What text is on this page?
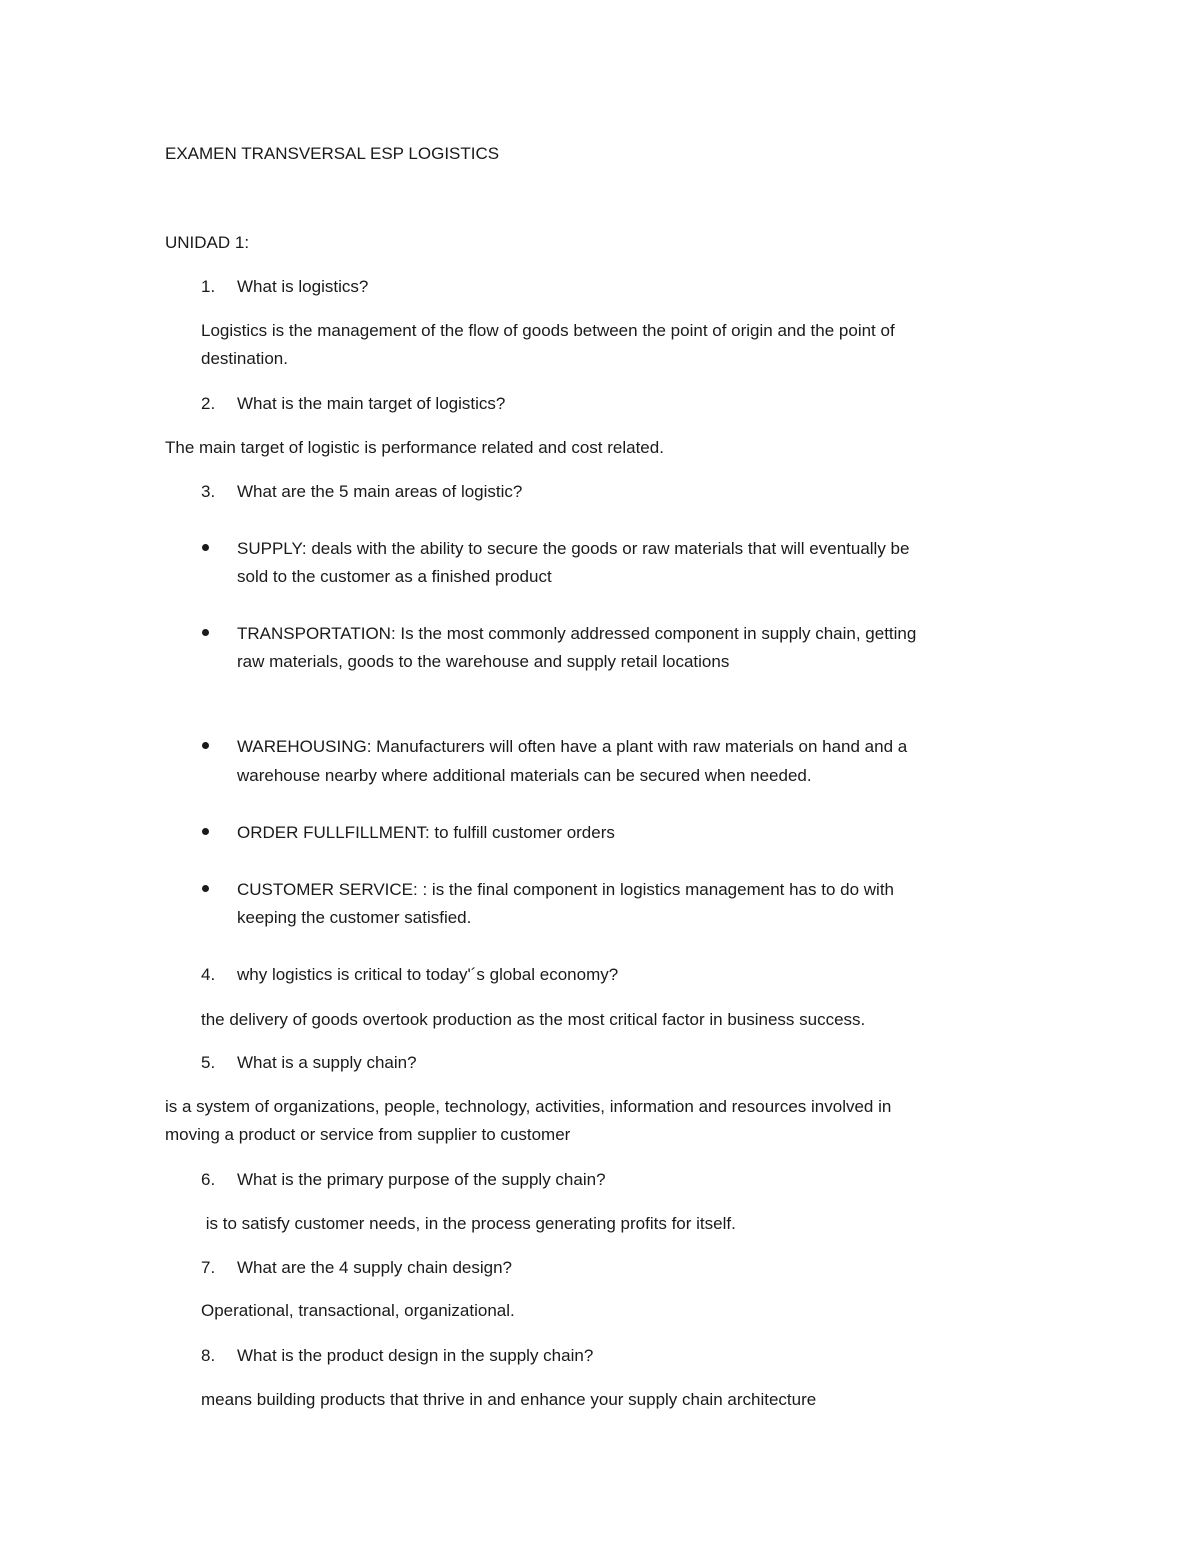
EXAMEN TRANSVERSAL ESP LOGISTICS
UNIDAD 1:
1. What is logistics?
Logistics is the management of the flow of goods between the point of origin and the point of
destination.
2. What is the main target of logistics?
The main target of logistic is performance related and cost related.
3. What are the 5 main areas of logistic?
SUPPLY: deals with the ability to secure the goods or raw materials that will eventually be
sold to the customer as a finished product
TRANSPORTATION: Is the most commonly addressed component in supply chain, getting
raw materials, goods to the warehouse and supply retail locations
WAREHOUSING: Manufacturers will often have a plant with raw materials on hand and a
warehouse nearby where additional materials can be secured when needed.
ORDER FULLFILLMENT: to fulfill customer orders
CUSTOMER SERVICE: : is the final component in logistics management has to do with
keeping the customer satisfied.
4. why logistics is critical to today'´s global economy?
the delivery of goods overtook production as the most critical factor in business success.
5. What is a supply chain?
is a system of organizations, people, technology, activities, information and resources involved in
moving a product or service from supplier to customer
6. What is the primary purpose of the supply chain?
is to satisfy customer needs, in the process generating profits for itself.
7. What are the 4 supply chain design?
Operational, transactional, organizational.
8. What is the product design in the supply chain?
means building products that thrive in and enhance your supply chain architecture
